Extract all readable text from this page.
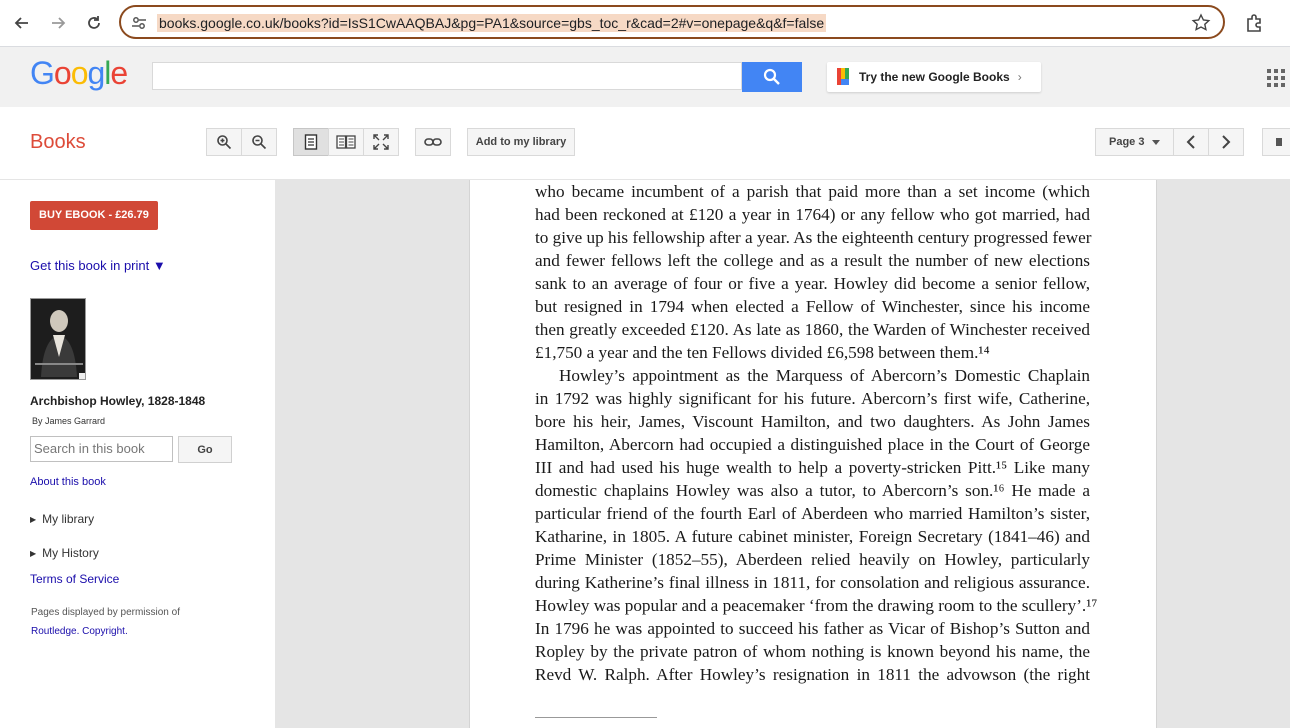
books.google.co.uk/books?id=IsS1CwAAQBAJ&pg=PA1&source=gbs_toc_r&cad=2#v=onepage&q&f=false
Google	Try the new Google Books ›
Books	Add to my library	Page 3
BUY EBOOK - £26.79
Get this book in print ▼
Archbishop Howley, 1828-1848
By James Garrard
Search in this book	Go
About this book
▶ My library
▶ My History
Terms of Service
Pages displayed by permission of
Routledge. Copyright.
who became incumbent of a parish that paid more than a set income (which
had been reckoned at £120 a year in 1764) or any fellow who got married, had
to give up his fellowship after a year. As the eighteenth century progressed fewer
and fewer fellows left the college and as a result the number of new elections
sank to an average of four or five a year. Howley did become a senior fellow,
but resigned in 1794 when elected a Fellow of Winchester, since his income
then greatly exceeded £120. As late as 1860, the Warden of Winchester received
£1,750 a year and the ten Fellows divided £6,598 between them.¹⁴
Howley’s appointment as the Marquess of Abercorn’s Domestic Chaplain
in 1792 was highly significant for his future. Abercorn’s first wife, Catherine,
bore his heir, James, Viscount Hamilton, and two daughters. As John James
Hamilton, Abercorn had occupied a distinguished place in the Court of George
III and had used his huge wealth to help a poverty-stricken Pitt.¹⁵ Like many
domestic chaplains Howley was also a tutor, to Abercorn’s son.¹⁶ He made a
particular friend of the fourth Earl of Aberdeen who married Hamilton’s sister,
Katharine, in 1805. A future cabinet minister, Foreign Secretary (1841–46) and
Prime Minister (1852–55), Aberdeen relied heavily on Howley, particularly
during Katherine’s final illness in 1811, for consolation and religious assurance.
Howley was popular and a peacemaker ‘from the drawing room to the scullery’.¹⁷
In 1796 he was appointed to succeed his father as Vicar of Bishop’s Sutton and
Ropley by the private patron of whom nothing is known beyond his name, the
Revd W. Ralph. After Howley’s resignation in 1811 the advowson (the right
